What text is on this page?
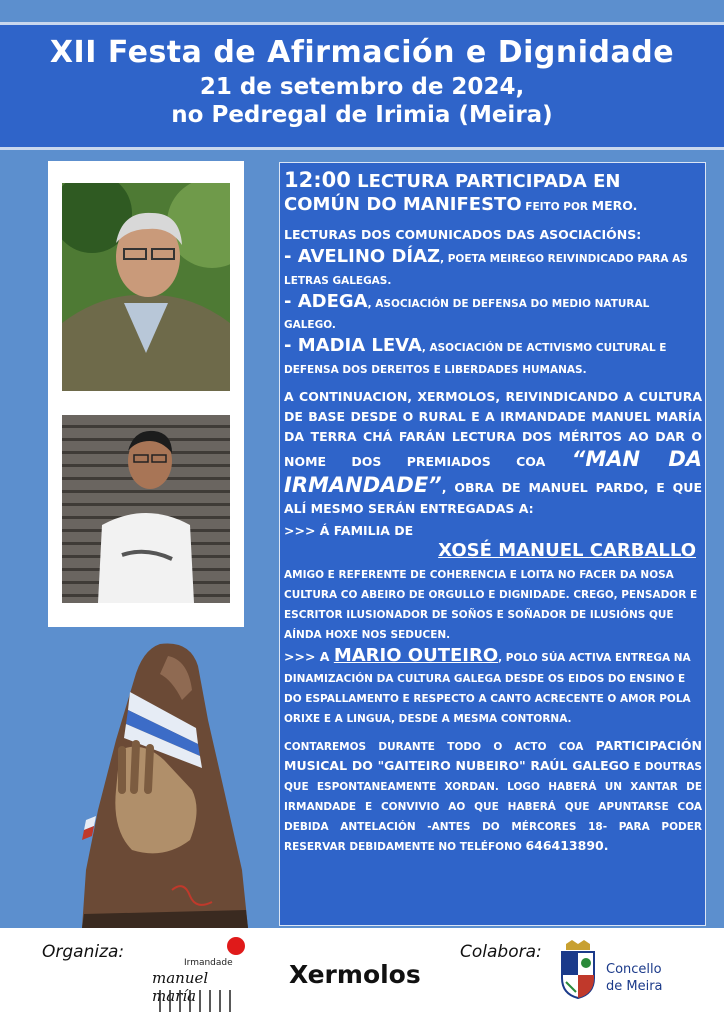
XII Festa de Afirmación e Dignidade
21 de setembro de 2024,
no Pedregal de Irimia (Meira)

12:00 LECTURA PARTICIPADA EN COMÚN DO MANIFESTO FEITO POR MERO.

LECTURAS DOS COMUNICADOS DAS ASOCIACIÓNS:

- AVELINO DÍAZ, POETA MEIREGO REIVINDICADO PARA AS LETRAS GALEGAS.

- ADEGA, ASOCIACIÓN DE DEFENSA DO MEDIO NATURAL GALEGO.

- MADIA LEVA, ASOCIACIÓN DE ACTIVISMO CULTURAL E DEFENSA DOS DEREITOS E LIBERDADES HUMANAS.

A CONTINUACION, XERMOLOS, REIVINDICANDO A CULTURA DE BASE DESDE O RURAL E A IRMANDADE MANUEL MARÍA DA TERRA CHÁ FARÁN LECTURA DOS MÉRITOS AO DAR O NOME DOS PREMIADOS COA “MAN DA IRMANDADE”, OBRA DE MANUEL PARDO, E QUE ALÍ MESMO SERÁN ENTREGADAS A:

>>> Á FAMILIA DE

XOSÉ MANUEL CARBALLO

AMIGO E REFERENTE DE COHERENCIA E LOITA NO FACER DA NOSA CULTURA CO ABEIRO DE ORGULLO E DIGNIDADE. CREGO, PENSADOR E ESCRITOR ILUSIONADOR DE SOÑOS E SOÑADOR DE ILUSIÓNS QUE AÍNDA HOXE NOS SEDUCEN.

>>> A MARIO OUTEIRO, POLO SÚA ACTIVA ENTREGA NA DINAMIZACIÓN DA CULTURA GALEGA DESDE OS EIDOS DO ENSINO E DO ESPALLAMENTO E RESPECTO A CANTO ACRECENTE O AMOR POLA ORIXE E A LINGUA, DESDE A MESMA CONTORNA.

CONTAREMOS DURANTE TODO O ACTO COA PARTICIPACIÓN MUSICAL DO "GAITEIRO NUBEIRO" RAÚL GALEGO E DOUTRAS QUE ESPONTANEAMENTE XORDAN. LOGO HABERÁ UN XANTAR DE IRMANDADE E CONVIVIO AO QUE HABERÁ QUE APUNTARSE COA DEBIDA ANTELACIÓN -ANTES DO MÉRCORES 18- PARA PODER RESERVAR DEBIDAMENTE NO TELÉFONO 646413890.

Organiza:
Irmandade
manuel maría
Xermolos
Colabora:
Concello
de Meira
